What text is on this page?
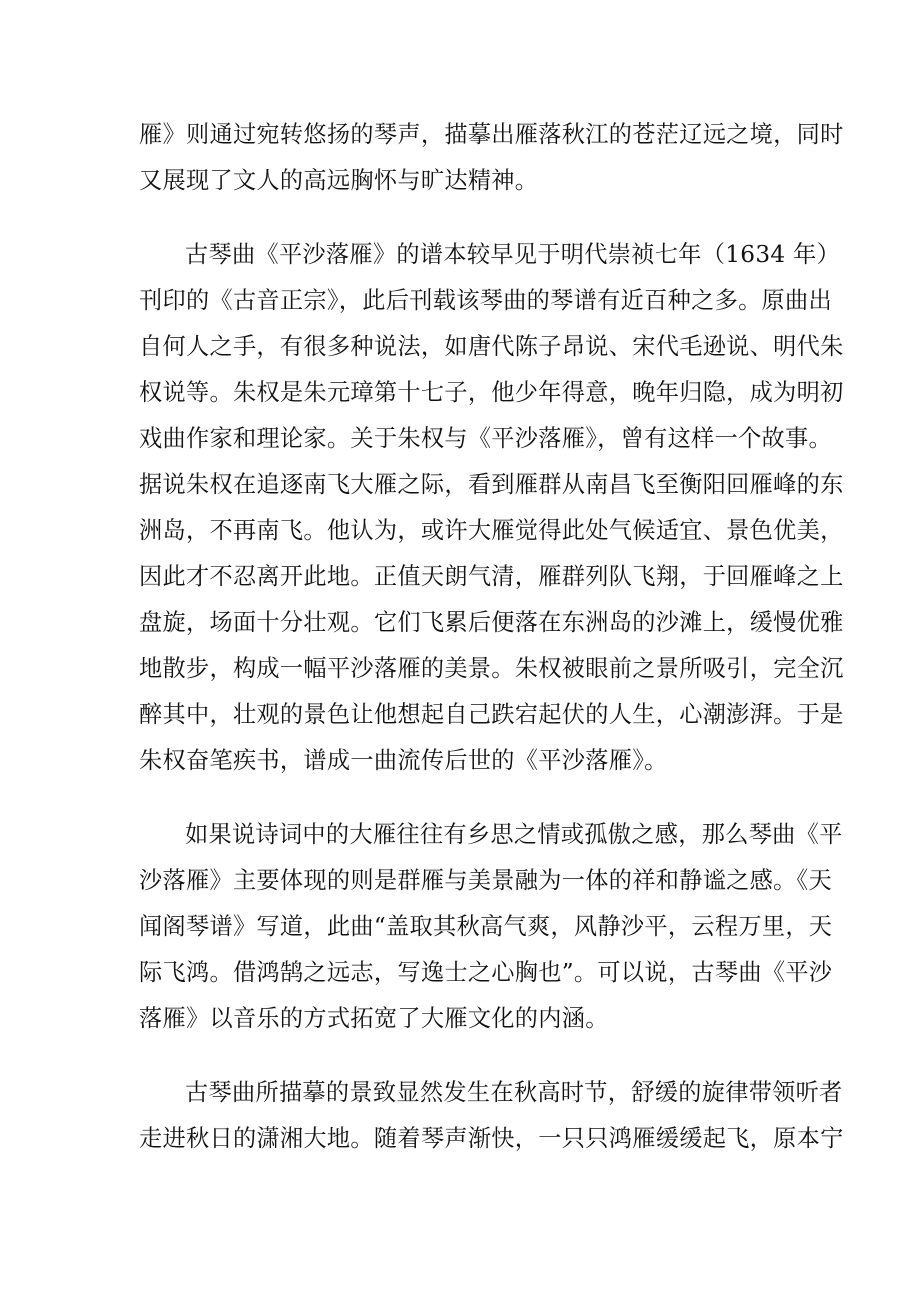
雁》则通过宛转悠扬的琴声，描摹出雁落秋江的苍茫辽远之境，同时
又展现了文人的高远胸怀与旷达精神。
古琴曲《平沙落雁》的谱本较早见于明代崇祯七年（1634 年）
刊印的《古音正宗》，此后刊载该琴曲的琴谱有近百种之多。原曲出
自何人之手，有很多种说法，如唐代陈子昂说、宋代毛逊说、明代朱
权说等。朱权是朱元璋第十七子，他少年得意，晚年归隐，成为明初
戏曲作家和理论家。关于朱权与《平沙落雁》，曾有这样一个故事。
据说朱权在追逐南飞大雁之际，看到雁群从南昌飞至衡阳回雁峰的东
洲岛，不再南飞。他认为，或许大雁觉得此处气候适宜、景色优美，
因此才不忍离开此地。正值天朗气清，雁群列队飞翔，于回雁峰之上
盘旋，场面十分壮观。它们飞累后便落在东洲岛的沙滩上，缓慢优雅
地散步，构成一幅平沙落雁的美景。朱权被眼前之景所吸引，完全沉
醉其中，壮观的景色让他想起自己跌宕起伏的人生，心潮澎湃。于是
朱权奋笔疾书，谱成一曲流传后世的《平沙落雁》。
如果说诗词中的大雁往往有乡思之情或孤傲之感，那么琴曲《平
沙落雁》主要体现的则是群雁与美景融为一体的祥和静谧之感。《天
闻阁琴谱》写道，此曲“盖取其秋高气爽，风静沙平，云程万里，天
际飞鸿。借鸿鹄之远志，写逸士之心胸也”。可以说，古琴曲《平沙
落雁》以音乐的方式拓宽了大雁文化的内涵。
古琴曲所描摹的景致显然发生在秋高时节，舒缓的旋律带领听者
走进秋日的潇湘大地。随着琴声渐快，一只只鸿雁缓缓起飞，原本宁
